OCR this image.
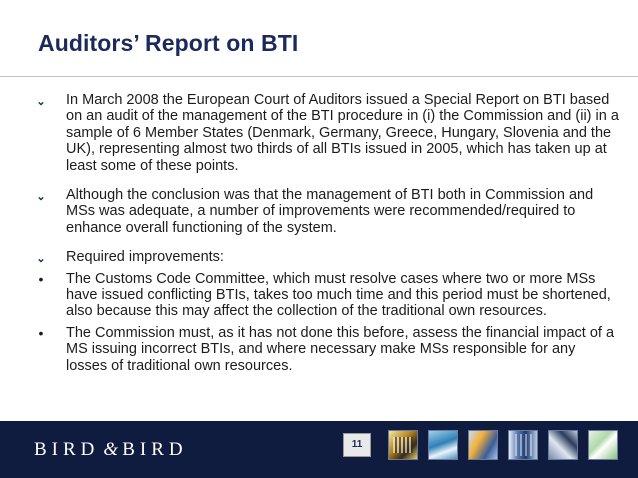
Auditors’ Report on BTI
⌄	In March 2008 the European Court of Auditors issued a Special Report on BTI based on an audit of the management of the BTI procedure in (i) the Commission and (ii) in a sample of 6 Member States (Denmark, Germany, Greece, Hungary, Slovenia and the UK), representing almost two thirds of all BTIs issued in 2005, which has taken up at least some of these points.
⌄	Although the conclusion was that the management of BTI both in Commission and MSs was adequate, a number of improvements were recommended/required to enhance overall functioning of the system.
⌄	Required improvements:
•	The Customs Code Committee, which must resolve cases where two or more MSs have issued conflicting BTIs, takes too much time and this period must be shortened, also because this may affect the collection of the traditional own resources.
•	The Commission must, as it has not done this before, assess the financial impact of a MS issuing incorrect BTIs, and where necessary make MSs responsible for any losses of traditional own resources.
BIRD & BIRD	11
